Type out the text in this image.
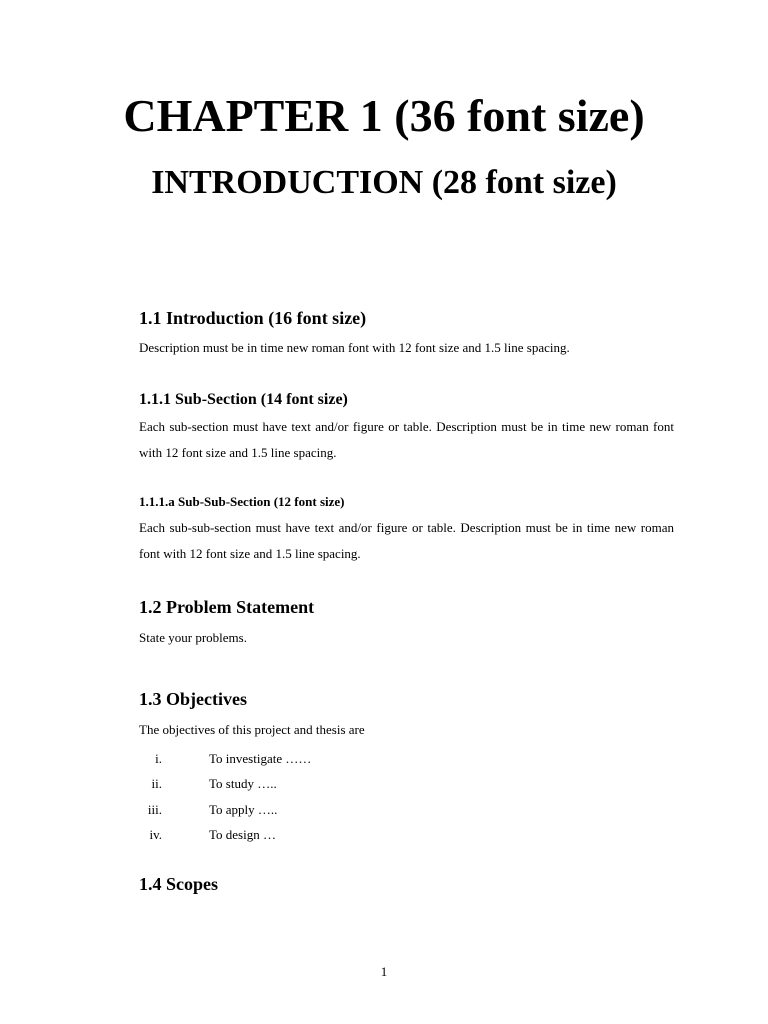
CHAPTER 1 (36 font size)
INTRODUCTION (28 font size)
1.1 Introduction (16 font size)

Description must be in time new roman font with 12 font size and 1.5 line spacing.

1.1.1 Sub-Section (14 font size)

Each sub-section must have text and/or figure or table. Description must be in time new roman font with 12 font size and 1.5 line spacing.

1.1.1.a Sub-Sub-Section (12 font size)

Each sub-sub-section must have text and/or figure or table. Description must be in time new roman font with 12 font size and 1.5 line spacing.

1.2 Problem Statement

State your problems.

1.3 Objectives

The objectives of this project and thesis are

i.	To investigate ……
ii.	To study …..
iii.	To apply …..
iv.	To design …
1.4 Scopes

1
